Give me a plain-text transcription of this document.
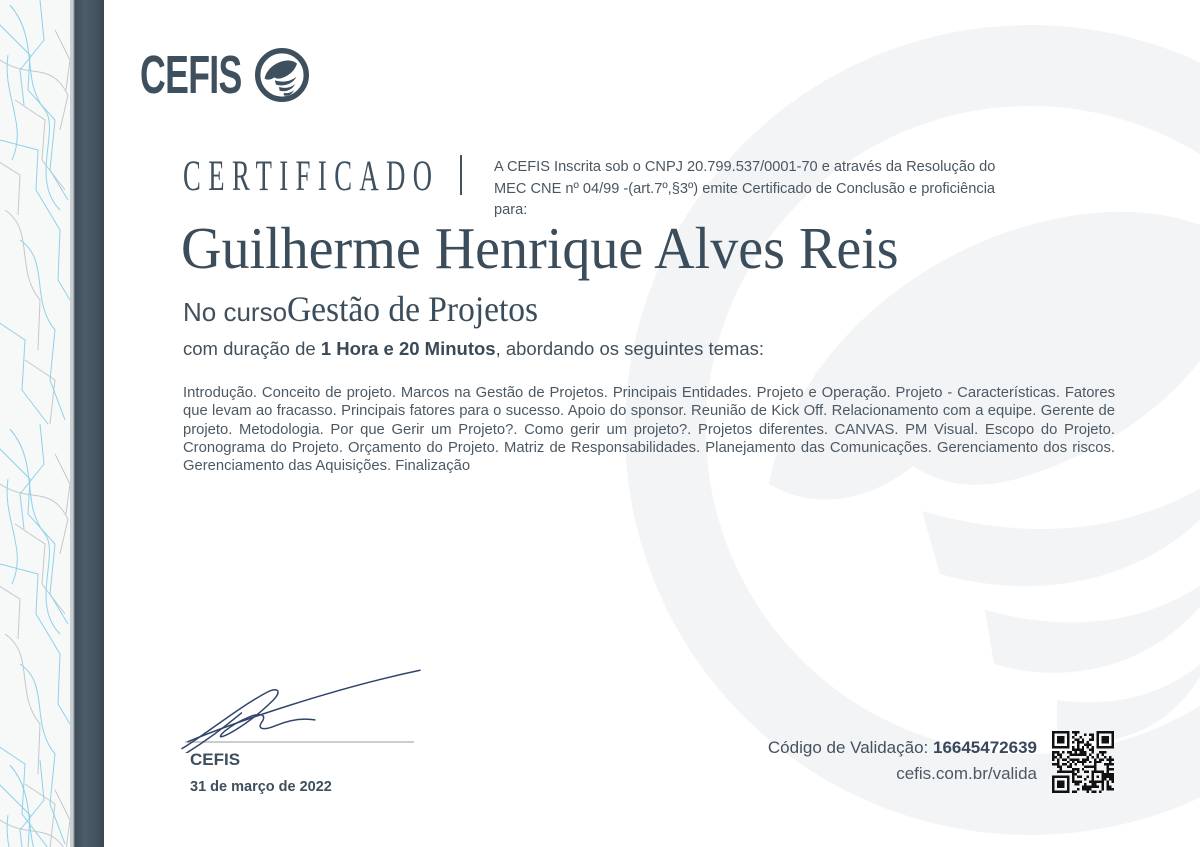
CEFIS
CERTIFICADO	A CEFIS Inscrita sob o CNPJ 20.799.537/0001-70 e através da Resolução do MEC CNE nº 04/99 -(art.7º,§3º) emite Certificado de Conclusão e proficiência para:

Guilherme Henrique Alves Reis
No curso Gestão de Projetos

com duração de 1 Hora e 20 Minutos, abordando os seguintes temas:

Introdução. Conceito de projeto. Marcos na Gestão de Projetos. Principais Entidades. Projeto e Operação. Projeto - Características. Fatores que levam ao fracasso. Principais fatores para o sucesso. Apoio do sponsor. Reunião de Kick Off. Relacionamento com a equipe. Gerente de projeto. Metodologia. Por que Gerir um Projeto?. Como gerir um projeto?. Projetos diferentes. CANVAS. PM Visual. Escopo do Projeto. Cronograma do Projeto. Orçamento do Projeto. Matriz de Responsabilidades. Planejamento das Comunicações. Gerenciamento dos riscos. Gerenciamento das Aquisições. Finalização

CEFIS
31 de março de 2022
Código de Validação: 16645472639
cefis.com.br/valida
